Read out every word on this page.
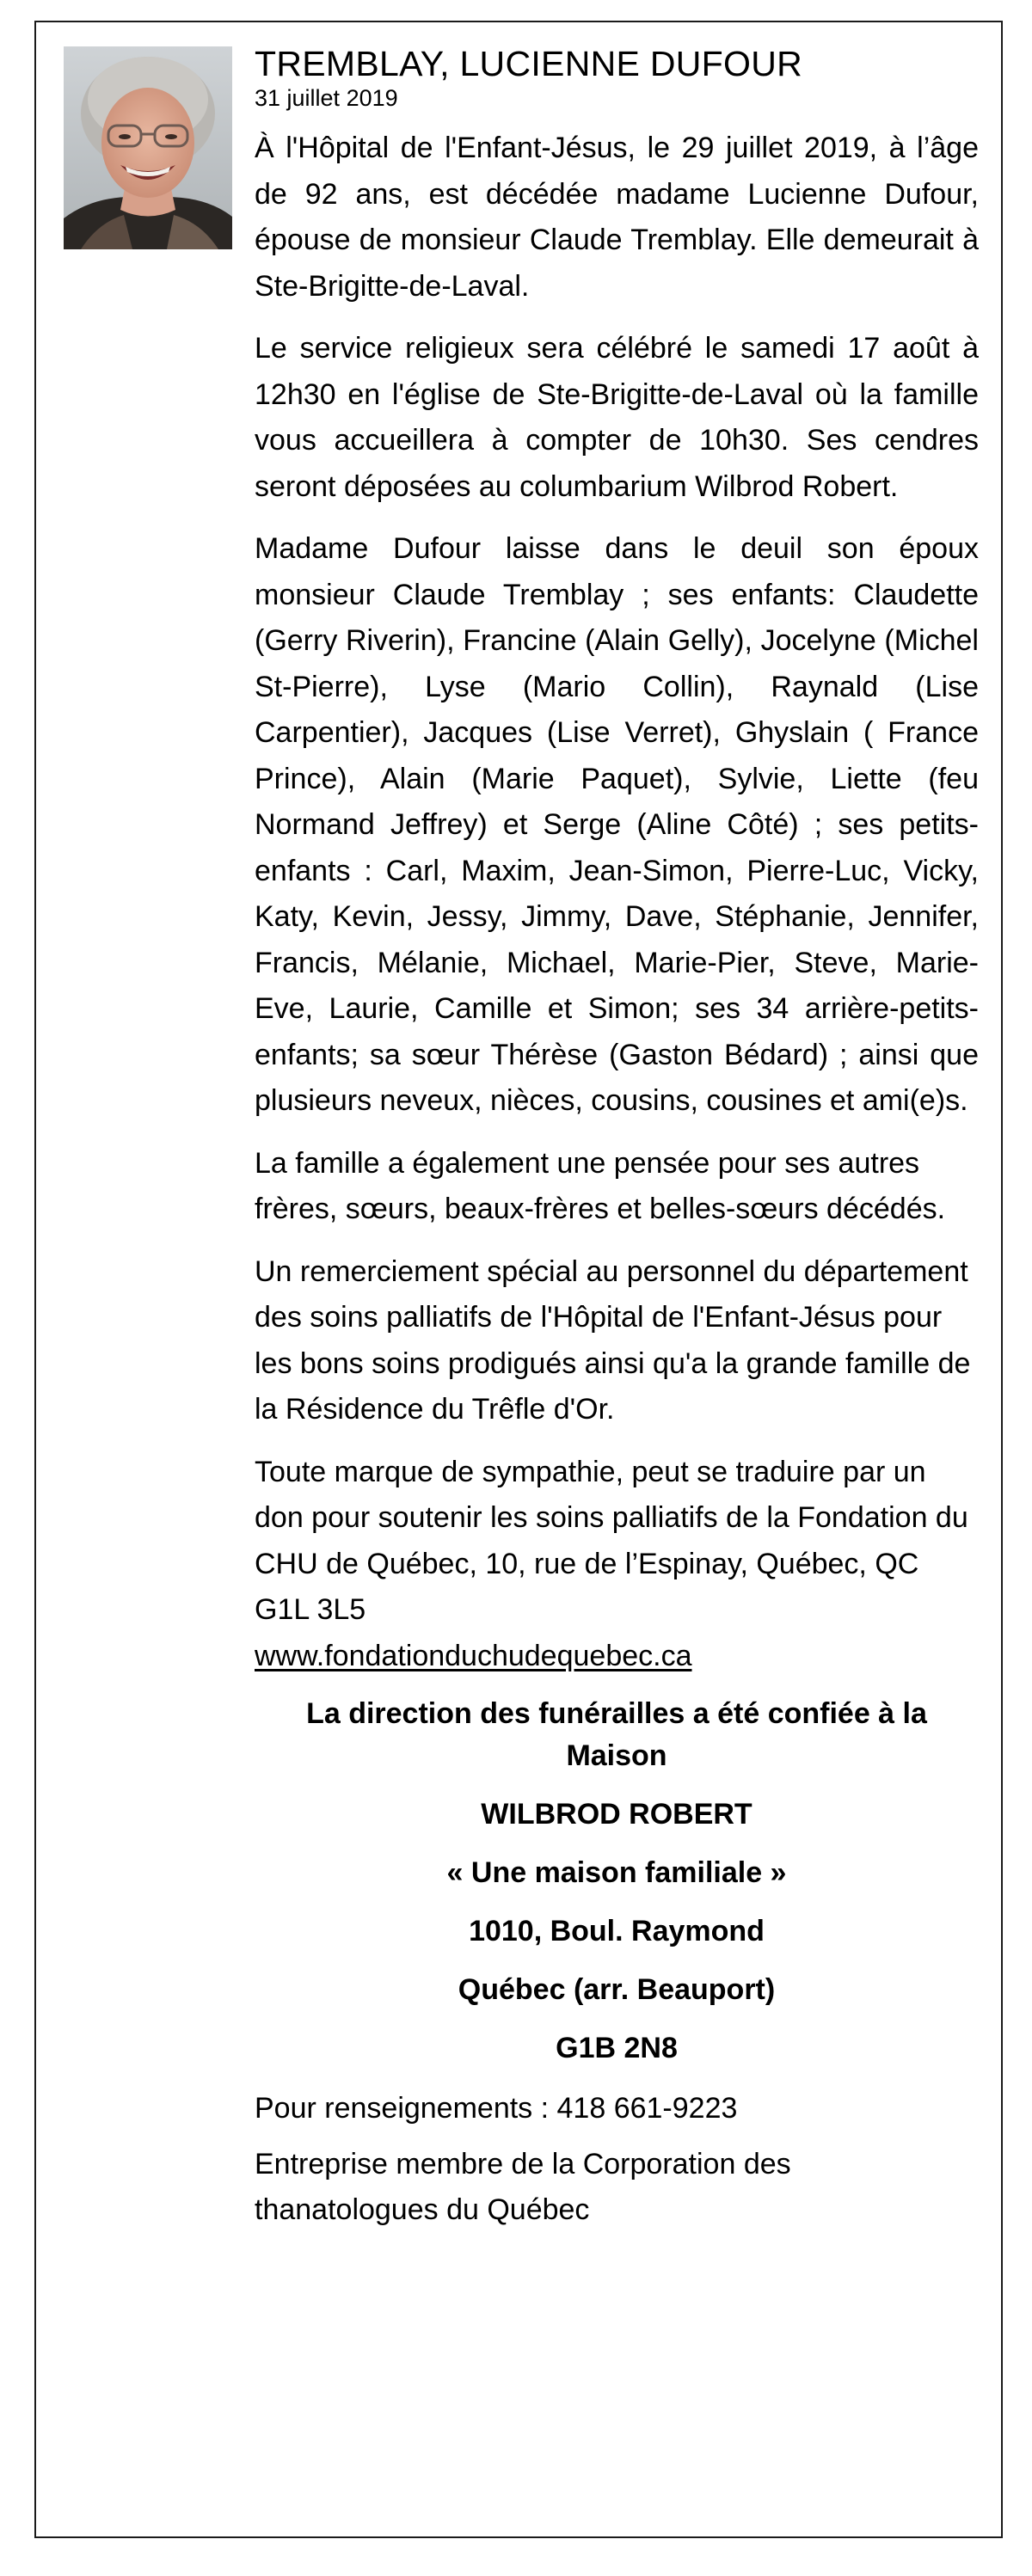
TREMBLAY, LUCIENNE DUFOUR

31 juillet 2019

À l'Hôpital de l'Enfant-Jésus, le 29 juillet 2019, à l’âge de 92 ans, est décédée madame Lucienne Dufour, épouse de monsieur Claude Tremblay. Elle demeurait à Ste-Brigitte-de-Laval.

Le service religieux sera célébré le samedi 17 août à 12h30 en l'église de Ste-Brigitte-de-Laval où la famille vous accueillera à compter de 10h30. Ses cendres seront déposées au columbarium Wilbrod Robert.

Madame Dufour laisse dans le deuil son époux monsieur Claude Tremblay ; ses enfants: Claudette (Gerry Riverin), Francine (Alain Gelly), Jocelyne (Michel St-Pierre), Lyse (Mario Collin), Raynald (Lise Carpentier), Jacques (Lise Verret), Ghyslain ( France Prince), Alain (Marie Paquet), Sylvie, Liette (feu Normand Jeffrey) et Serge (Aline Côté) ; ses petits-enfants : Carl, Maxim, Jean-Simon, Pierre-Luc, Vicky, Katy, Kevin, Jessy, Jimmy, Dave, Stéphanie, Jennifer, Francis, Mélanie, Michael, Marie-Pier, Steve, Marie-Eve, Laurie, Camille et Simon; ses 34 arrière-petits-enfants; sa sœur Thérèse (Gaston Bédard) ; ainsi que plusieurs neveux, nièces, cousins, cousines et ami(e)s.

La famille a également une pensée pour ses autres frères, sœurs, beaux-frères et belles-sœurs décédés.

Un remerciement spécial au personnel du département des soins palliatifs de l'Hôpital de l'Enfant-Jésus pour les bons soins prodigués ainsi qu'a la grande famille de la Résidence du Trêfle d'Or.

Toute marque de sympathie, peut se traduire par un don pour soutenir les soins palliatifs de la Fondation du CHU de Québec, 10, rue de l’Espinay, Québec, QC G1L 3L5
www.fondationduchudequebec.ca

La direction des funérailles a été confiée à la Maison
WILBROD ROBERT
« Une maison familiale »
1010, Boul. Raymond
Québec (arr. Beauport)
G1B 2N8

Pour renseignements : 418 661-9223

Entreprise membre de la Corporation des thanatologues du Québec
